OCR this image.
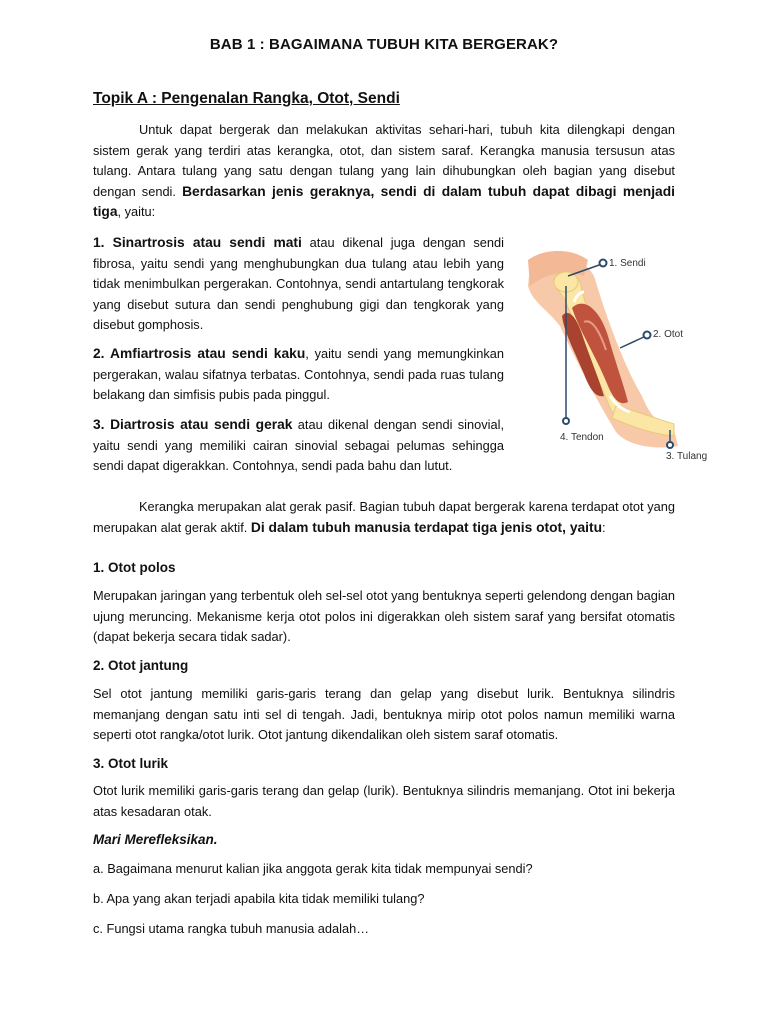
BAB 1 : BAGAIMANA TUBUH KITA BERGERAK?
Topik A : Pengenalan Rangka, Otot, Sendi

Untuk dapat bergerak dan melakukan aktivitas sehari-hari, tubuh kita dilengkapi dengan sistem gerak yang terdiri atas kerangka, otot, dan sistem saraf. Kerangka manusia tersusun atas tulang. Antara tulang yang satu dengan tulang yang lain dihubungkan oleh bagian yang disebut dengan sendi. Berdasarkan jenis geraknya, sendi di dalam tubuh dapat dibagi menjadi tiga, yaitu:

1. Sinartrosis atau sendi mati atau dikenal juga dengan sendi fibrosa, yaitu sendi yang menghubungkan dua tulang atau lebih yang tidak menimbulkan pergerakan. Contohnya, sendi antartulang tengkorak yang disebut sutura dan sendi penghubung gigi dan tengkorak yang disebut gomphosis.

2. Amfiartrosis atau sendi kaku, yaitu sendi yang memungkinkan pergerakan, walau sifatnya terbatas. Contohnya, sendi pada ruas tulang belakang dan simfisis pubis pada pinggul.

3. Diartrosis atau sendi gerak atau dikenal dengan sendi sinovial, yaitu sendi yang memiliki cairan sinovial sebagai pelumas sehingga sendi dapat digerakkan. Contohnya, sendi pada bahu dan lutut.

1. Sendi
2. Otot
3. Tulang
4. Tendon

Kerangka merupakan alat gerak pasif. Bagian tubuh dapat bergerak karena terdapat otot yang merupakan alat gerak aktif. Di dalam tubuh manusia terdapat tiga jenis otot, yaitu:

1. Otot polos

Merupakan jaringan yang terbentuk oleh sel-sel otot yang bentuknya seperti gelendong dengan bagian ujung meruncing. Mekanisme kerja otot polos ini digerakkan oleh sistem saraf yang bersifat otomatis (dapat bekerja secara tidak sadar).

2. Otot jantung

Sel otot jantung memiliki garis-garis terang dan gelap yang disebut lurik. Bentuknya silindris memanjang dengan satu inti sel di tengah. Jadi, bentuknya mirip otot polos namun memiliki warna seperti otot rangka/otot lurik. Otot jantung dikendalikan oleh sistem saraf otomatis.

3. Otot lurik

Otot lurik memiliki garis-garis terang dan gelap (lurik). Bentuknya silindris memanjang. Otot ini bekerja atas kesadaran otak.

Mari Merefleksikan.

a. Bagaimana menurut kalian jika anggota gerak kita tidak mempunyai sendi?

b. Apa yang akan terjadi apabila kita tidak memiliki tulang?

c. Fungsi utama rangka tubuh manusia adalah…
